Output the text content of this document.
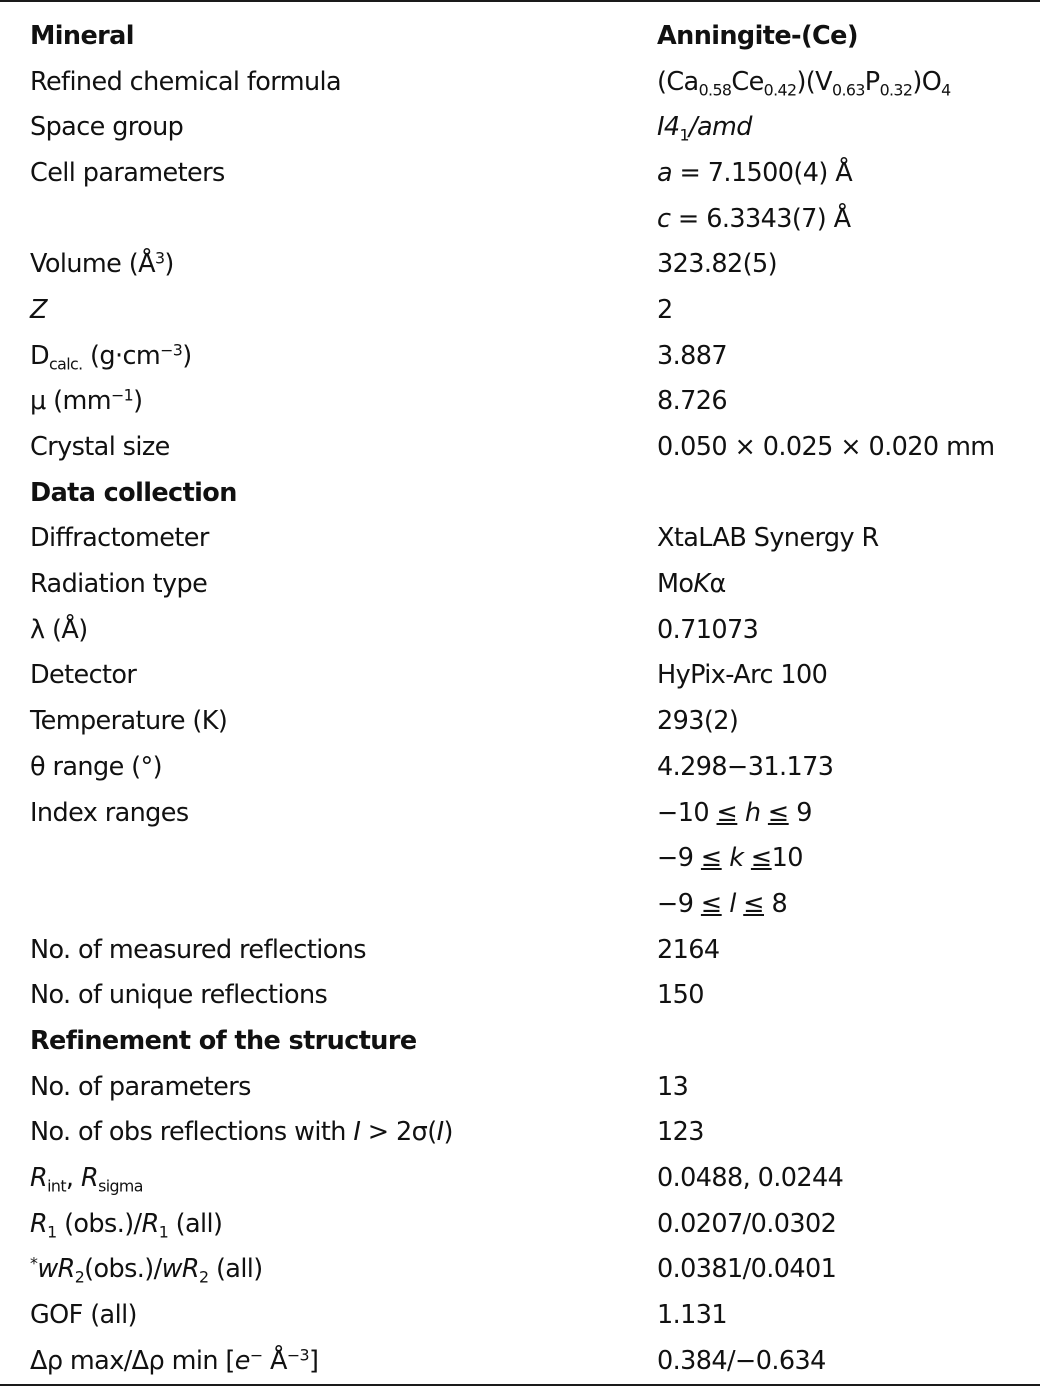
Mineral	Anningite-(Ce)
Refined chemical formula	$(Ca_{0.58}Ce_{0.42})(V_{0.63}P_{0.32})O_4$
Space group	$I4_1$/amd
Cell parameters	a = 7.1500(4) Å
c = 6.3343(7) Å
Volume $(Å^3)$	323.82(5)
Z	2
$D_{calc.}$ $(g\cdot cm^{-3})$	3.887
μ $(mm^{-1})$	8.726
Crystal size	0.050 × 0.025 × 0.020 mm
Data collection
Diffractometer	XtaLAB Synergy R
Radiation type	MoKα
λ (Å)	0.71073
Detector	HyPix-Arc 100
Temperature (K)	293(2)
θ range (°)	4.298−31.173
Index ranges	−10 ≤ h ≤ 9
−9 ≤ k ≤10
−9 ≤ l ≤ 8
No. of measured reflections	2164
No. of unique reflections	150
Refinement of the structure
No. of parameters	13
No. of obs reflections with I > 2σ(I)	123
$R_{int}$, $R_{sigma}$	0.0488, 0.0244
$R_1$ $(obs.)/R_1$ (all)	0.0207/0.0302
$^*wR_2(obs.)/wR_2$ (all)	0.0381/0.0401
GOF (all)	1.131
Δρ max/Δρ min [e− $Å^{-3}$]	0.384/−0.634
